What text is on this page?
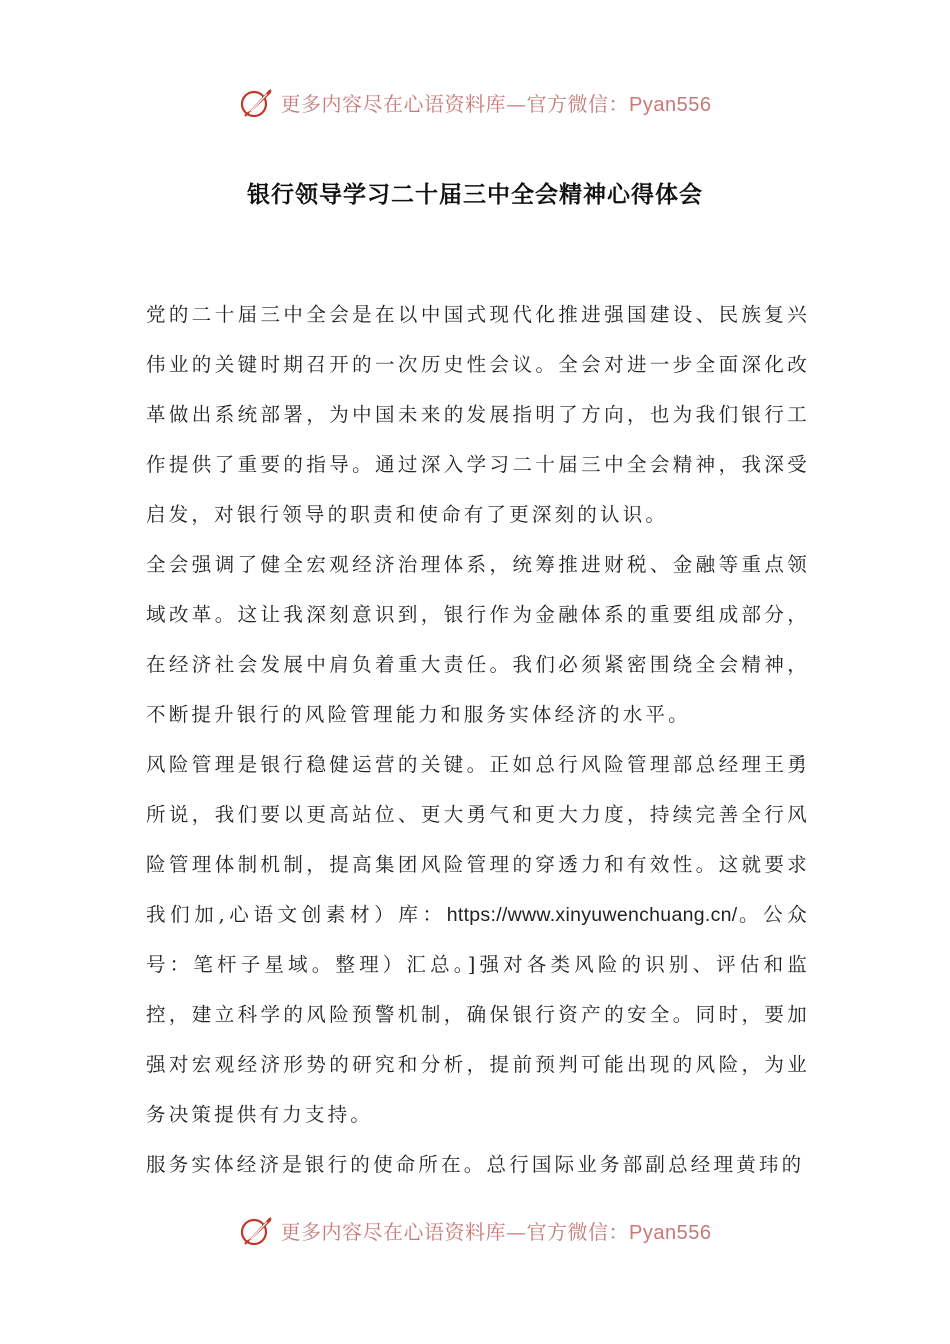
更多内容尽在心语资料库—官方微信：Pyan556
银行领导学习二十届三中全会精神心得体会

党的二十届三中全会是在以中国式现代化推进强国建设、民族复兴伟业的关键时期召开的一次历史性会议。全会对进一步全面深化改革做出系统部署，为中国未来的发展指明了方向，也为我们银行工作提供了重要的指导。通过深入学习二十届三中全会精神，我深受启发，对银行领导的职责和使命有了更深刻的认识。

全会强调了健全宏观经济治理体系，统筹推进财税、金融等重点领域改革。这让我深刻意识到，银行作为金融体系的重要组成部分，在经济社会发展中肩负着重大责任。我们必须紧密围绕全会精神，不断提升银行的风险管理能力和服务实体经济的水平。

风险管理是银行稳健运营的关键。正如总行风险管理部总经理王勇所说，我们要以更高站位、更大勇气和更大力度，持续完善全行风险管理体制机制，提高集团风险管理的穿透力和有效性。这就要求我们加,心语文创素材）库：https://www.xinyuwenchuang.cn/。公众号：笔杆子星域。整理）汇总。]强对各类风险的识别、评估和监控，建立科学的风险预警机制，确保银行资产的安全。同时，要加强对宏观经济形势的研究和分析，提前预判可能出现的风险，为业务决策提供有力支持。

服务实体经济是银行的使命所在。总行国际业务部副总经理黄玮的

更多内容尽在心语资料库—官方微信：Pyan556
